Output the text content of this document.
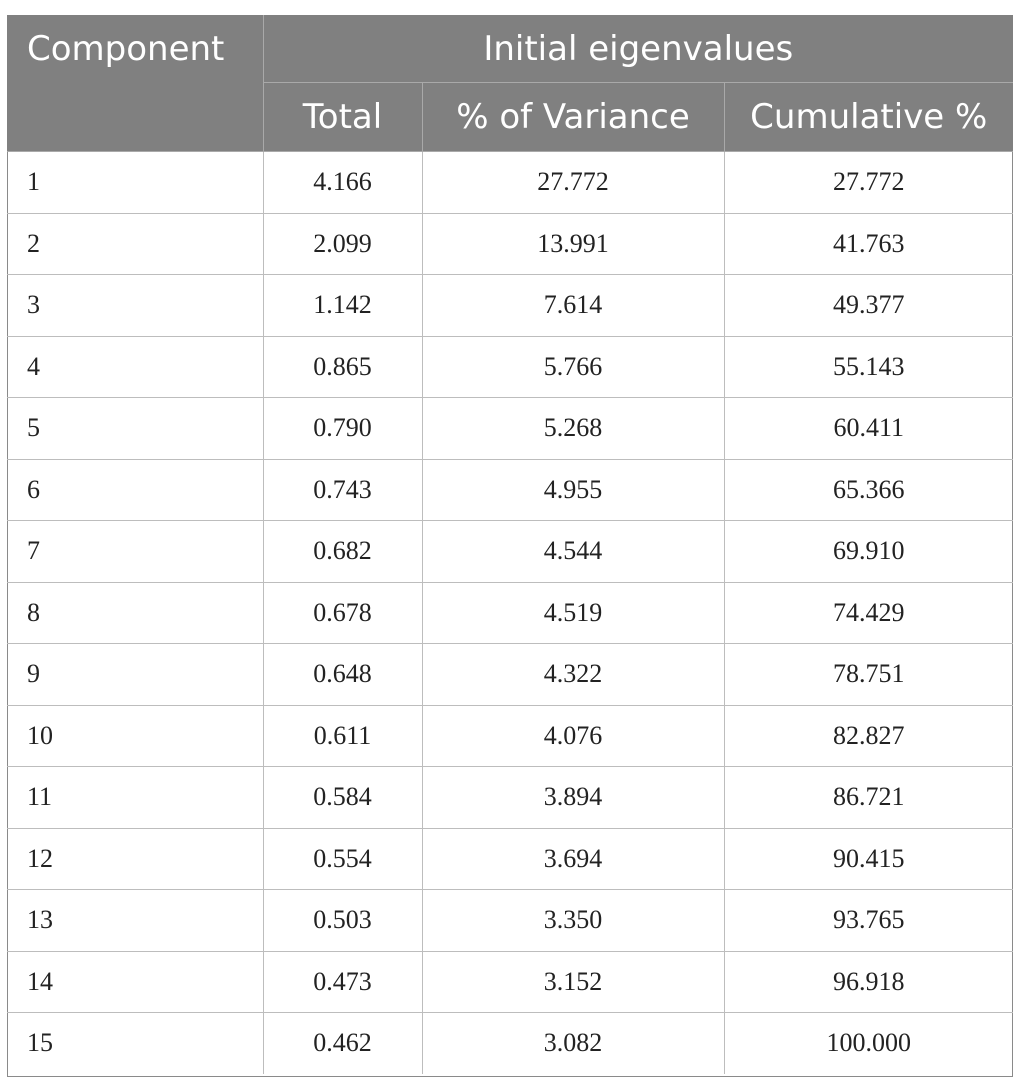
Component	Initial eigenvalues		
	Total	% of Variance	Cumulative %
1	4.166	27.772	27.772
2	2.099	13.991	41.763
3	1.142	7.614	49.377
4	0.865	5.766	55.143
5	0.790	5.268	60.411
6	0.743	4.955	65.366
7	0.682	4.544	69.910
8	0.678	4.519	74.429
9	0.648	4.322	78.751
10	0.611	4.076	82.827
11	0.584	3.894	86.721
12	0.554	3.694	90.415
13	0.503	3.350	93.765
14	0.473	3.152	96.918
15	0.462	3.082	100.000
